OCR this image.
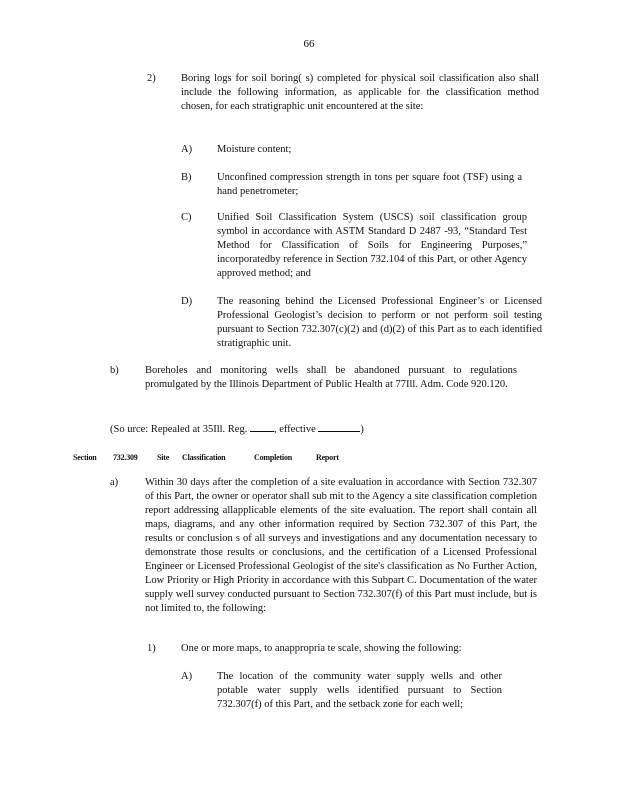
66
2) Boring logs for soil boring( s) completed for physical soil classification also shall include the following information, as applicable for the classification method chosen, for each stratigraphic unit encountered at the site:
A) Moisture content;
B) Unconfined compression strength in tons per square foot (TSF) using a hand penetrometer;
C) Unified Soil Classification System (USCS) soil classification group symbol in accordance with ASTM Standard D 2487 -93, “Standard Test Method for Classification of Soils for Engineering Purposes,” incorporatedby reference in Section 732.104 of this Part, or other Agency approved method; and
D) The reasoning behind the Licensed Professional Engineer’s or Licensed Professional Geologist’s decision to perform or not perform soil testing pursuant to Section 732.307(c)(2) and (d)(2) of this Part as to each identified stratigraphic unit.
b)	Boreholes and monitoring wells shall be abandoned pursuant to regulations promulgated by the Illinois Department of Public Health at 77Ill. Adm. Code 920.120.
(So urce: Repealed at 35Ill. Reg.	, effective	)
Section 732.309 Site Classification	Completion	Report
a)	Within 30 days after the completion of a site evaluation in accordance with Section 732.307 of this Part, the owner or operator shall sub mit to the Agency a site classification completion report addressing allapplicable elements of the site evaluation. The report shall contain all maps, diagrams, and any other information required by Section 732.307 of this Part, the results or conclusion s of all surveys and investigations and any documentation necessary to demonstrate those results or conclusions, and the certification of a Licensed Professional Engineer or Licensed Professional Geologist of the site's classification as No Further Action, Low Priority or High Priority in accordance with this Subpart C. Documentation of the water supply well survey conducted pursuant to Section 732.307(f) of this Part must include, but is not limited to, the following:
1) One or more maps, to anappropria te scale, showing the following:
A) The location of the community water supply wells and other potable water supply wells identified pursuant to Section 732.307(f) of this Part, and the setback zone for each well;
